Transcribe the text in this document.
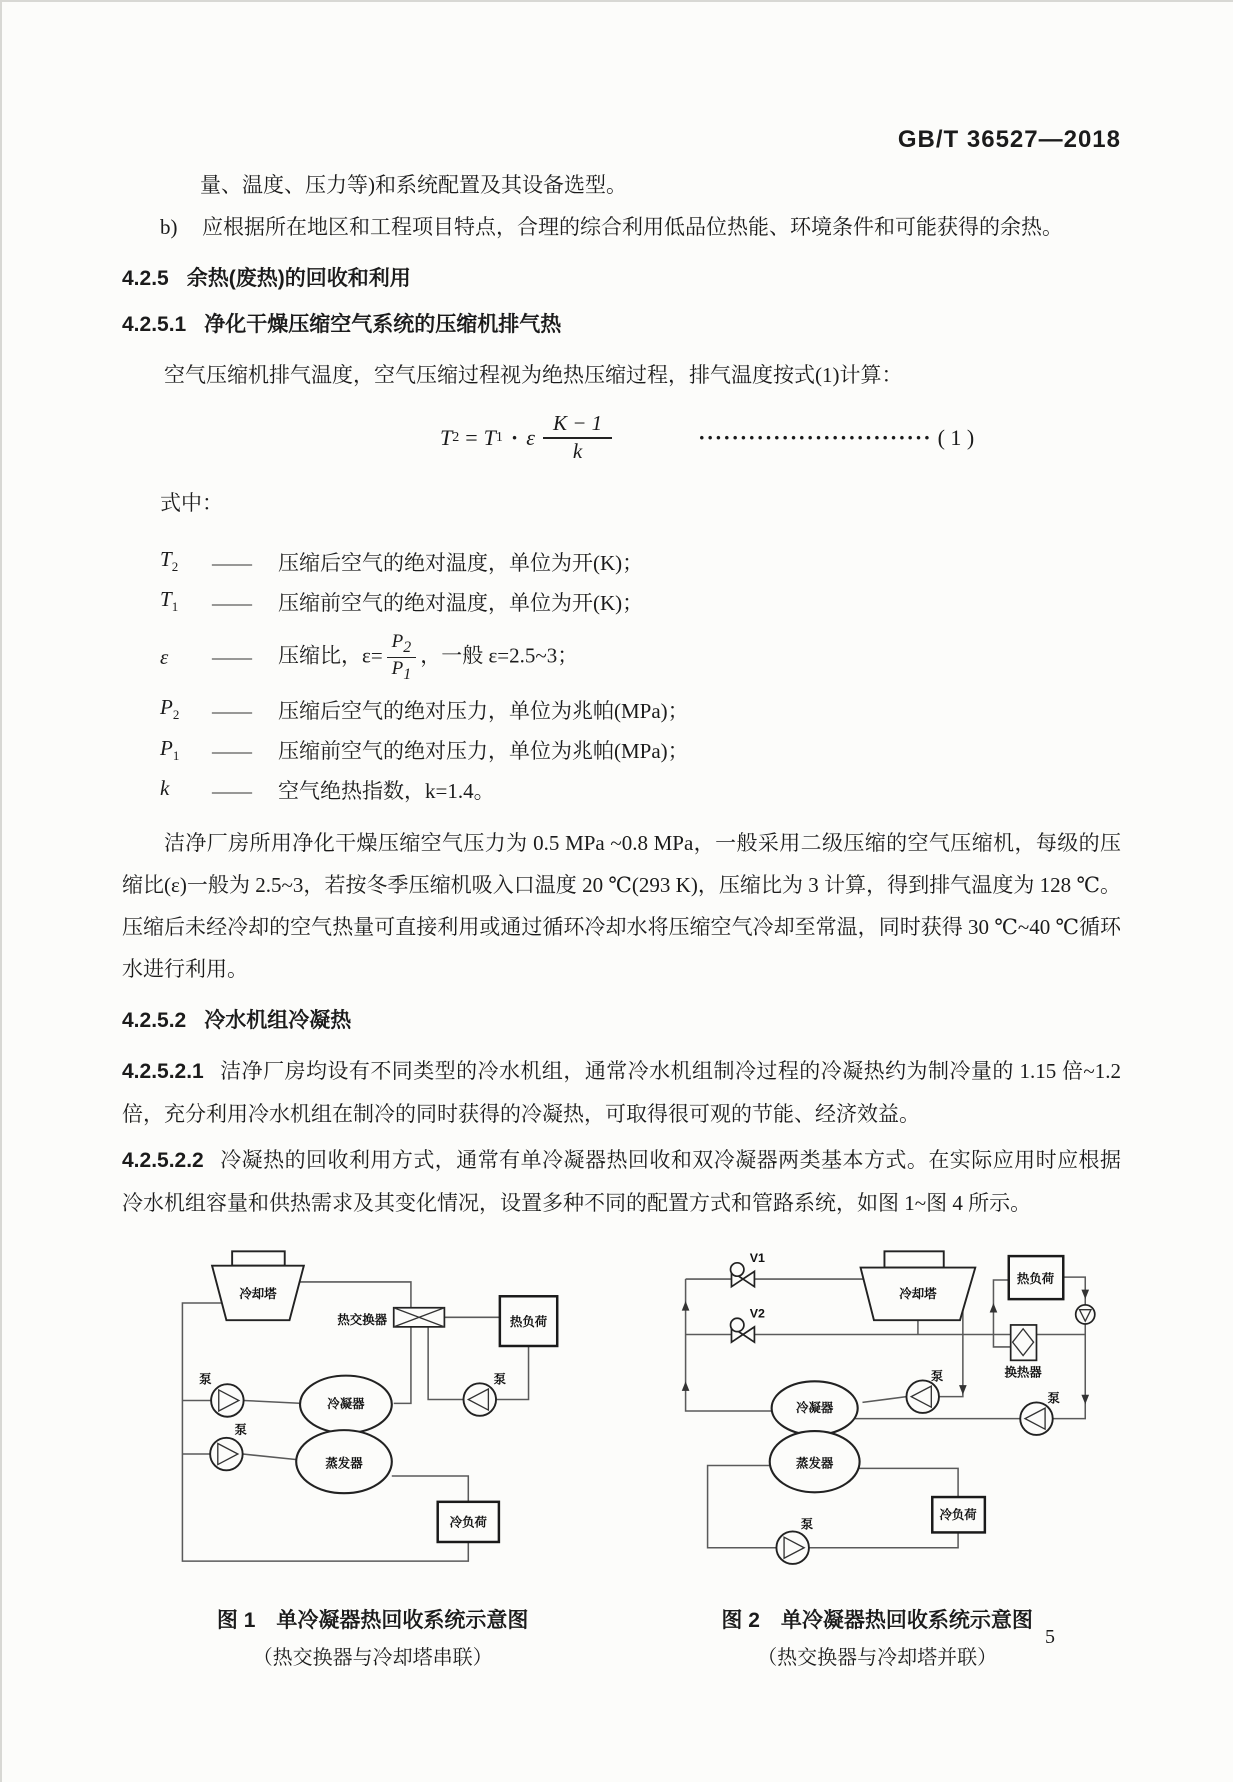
GB/T 36527—2018

量、温度、压力等)和系统配置及其设备选型。

b)	应根据所在地区和工程项目特点，合理的综合利用低品位热能、环境条件和可能获得的余热。
4.2.5 余热(废热)的回收和利用
4.2.5.1 净化干燥压缩空气系统的压缩机排气热

空气压缩机排气温度，空气压缩过程视为绝热压缩过程，排气温度按式(1)计算：

T 2 = T 1 · ε $\frac{K - 1}{k}$	···························· ( 1 )

式中：

$T_2$	——	压缩后空气的绝对温度，单位为开(K)；
$T_1$	——	压缩前空气的绝对温度，单位为开(K)；
ε	——	压缩比，$\varepsilon= \frac{P_2}{P_1}$ ，一般 ε=2.5~3；
$P_2$	——	压缩后空气的绝对压力，单位为兆帕(MPa)；
$P_1$	——	压缩前空气的绝对压力，单位为兆帕(MPa)；
k	——	空气绝热指数，k=1.4。

洁净厂房所用净化干燥压缩空气压力为 0.5 MPa ~0.8 MPa，一般采用二级压缩的空气压缩机，每级的压缩比(ε)一般为 2.5~3，若按冬季压缩机吸入口温度 20 ℃(293 K)，压缩比为 3 计算，得到排气温度为 128 ℃。压缩后未经冷却的空气热量可直接利用或通过循环冷却水将压缩空气冷却至常温，同时获得 30 ℃~40 ℃循环水进行利用。

4.2.5.2 冷水机组冷凝热

4.2.5.2.1 洁净厂房均设有不同类型的冷水机组，通常冷水机组制冷过程的冷凝热约为制冷量的 1.15 倍~1.2 倍，充分利用冷水机组在制冷的同时获得的冷凝热，可取得很可观的节能、经济效益。

4.2.5.2.2 冷凝热的回收利用方式，通常有单冷凝器热回收和双冷凝器两类基本方式。在实际应用时应根据冷水机组容量和供热需求及其变化情况，设置多种不同的配置方式和管路系统，如图 1~图 4 所示。

冷却塔
热交换器	热负荷
冷凝器
蒸发器
泵
泵
泵
冷负荷
V1
V2
冷却塔
热负荷
换热器
冷凝器
蒸发器
泵
泵
泵
冷负荷
图 1　单冷凝器热回收系统示意图
（热交换器与冷却塔串联）
图 2　单冷凝器热回收系统示意图
（热交换器与冷却塔并联）
5
